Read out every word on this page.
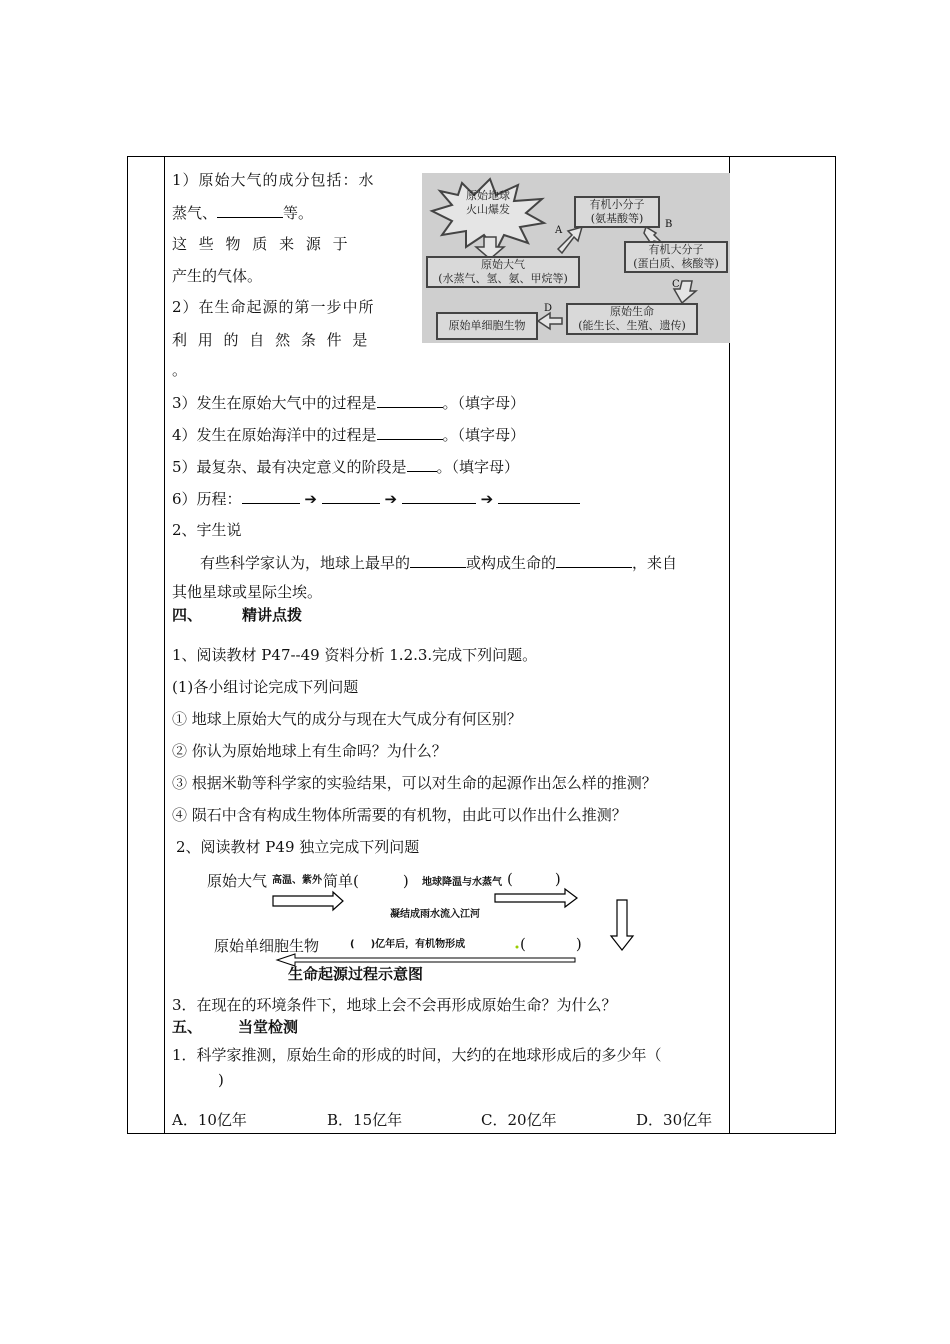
1）原始大气的成分包括：水
蒸气、	等。
这 些 物 质 来 源 于
产生的气体。
2）在生命起源的第一步中所
利 用 的 自 然 条 件 是
。
原始地球
火山爆发
原始大气
(水蒸气、氢、氨、甲烷等)
有机小分子
(氨基酸等)
有机大分子
(蛋白质、核酸等)
原始生命
(能生长、生殖、遗传)
原始单细胞生物
A
B
C
D
3）发生在原始大气中的过程是	。（填字母）
4）发生在原始海洋中的过程是	。（填字母）
5）最复杂、最有决定意义的阶段是 。（填字母）
6）历程：	➔	➔	➔
2、宇生说
有些科学家认为，地球上最早的	或构成生命的	，来自
其他星球或星际尘埃。
四、	精讲点拨
1、阅读教材 P47--49 资料分析 1.2.3.完成下列问题。
(1)各小组讨论完成下列问题
① 地球上原始大气的成分与现在大气成分有何区别？
② 你认为原始地球上有生命吗？为什么？
③ 根据米勒等科学家的实验结果，可以对生命的起源作出怎么样的推测？
④ 陨石中含有构成生物体所需要的有机物，由此可以作出什么推测？
2、阅读教材 P49 独立完成下列问题
原始大气 高温、紫外 简单(	) 地球降温与水蒸气 (	)
凝结成雨水流入江河
原始单细胞生物	( )亿年后，有机物形成	(	)
生命起源过程示意图
3．在现在的环境条件下，地球上会不会再形成原始生命？为什么？
五、 当堂检测
1．科学家推测，原始生命的形成的时间，大约的在地球形成后的多少年（
)
A．10亿年	B．15亿年	C．20亿年	D．30亿年
